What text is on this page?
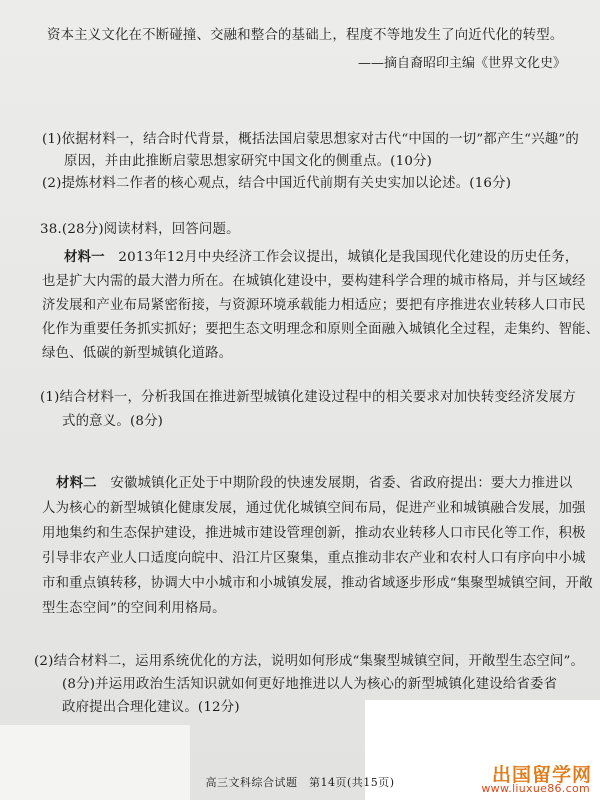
资本主义文化在不断碰撞、交融和整合的基础上，程度不等地发生了向近代化的转型。
——摘自裔昭印主编《世界文化史》
(1)依据材料一，结合时代背景，概括法国启蒙思想家对古代“中国的一切”都产生“兴趣”的
原因，并由此推断启蒙思想家研究中国文化的侧重点。(10分)
(2)提炼材料二作者的核心观点，结合中国近代前期有关史实加以论述。(16分)
38.(28分)阅读材料，回答问题。
材料一　 2013年12月中央经济工作会议提出，城镇化是我国现代化建设的历史任务，
也是扩大内需的最大潜力所在。在城镇化建设中，要构建科学合理的城市格局，并与区域经
济发展和产业布局紧密衔接，与资源环境承载能力相适应；要把有序推进农业转移人口市民
化作为重要任务抓实抓好；要把生态文明理念和原则全面融入城镇化全过程，走集约、智能、
绿色、低碳的新型城镇化道路。
(1)结合材料一，分析我国在推进新型城镇化建设过程中的相关要求对加快转变经济发展方
式的意义。(8分)
材料二　 安徽城镇化正处于中期阶段的快速发展期，省委、省政府提出：要大力推进以
人为核心的新型城镇化健康发展，通过优化城镇空间布局，促进产业和城镇融合发展，加强
用地集约和生态保护建设，推进城市建设管理创新，推动农业转移人口市民化等工作，积极
引导非农产业人口适度向皖中、沿江片区聚集，重点推动非农产业和农村人口有序向中小城
市和重点镇转移，协调大中小城市和小城镇发展，推动省域逐步形成“集聚型城镇空间，开敞
型生态空间”的空间利用格局。
(2)结合材料二，运用系统优化的方法，说明如何形成“集聚型城镇空间，开敞型生态空间”。
(8分)并运用政治生活知识就如何更好地推进以人为核心的新型城镇化建设给省委省
政府提出合理化建议。(12分)
高三文科综合试题　第14页(共15页)	出国留学网
www.liuxue86.com
